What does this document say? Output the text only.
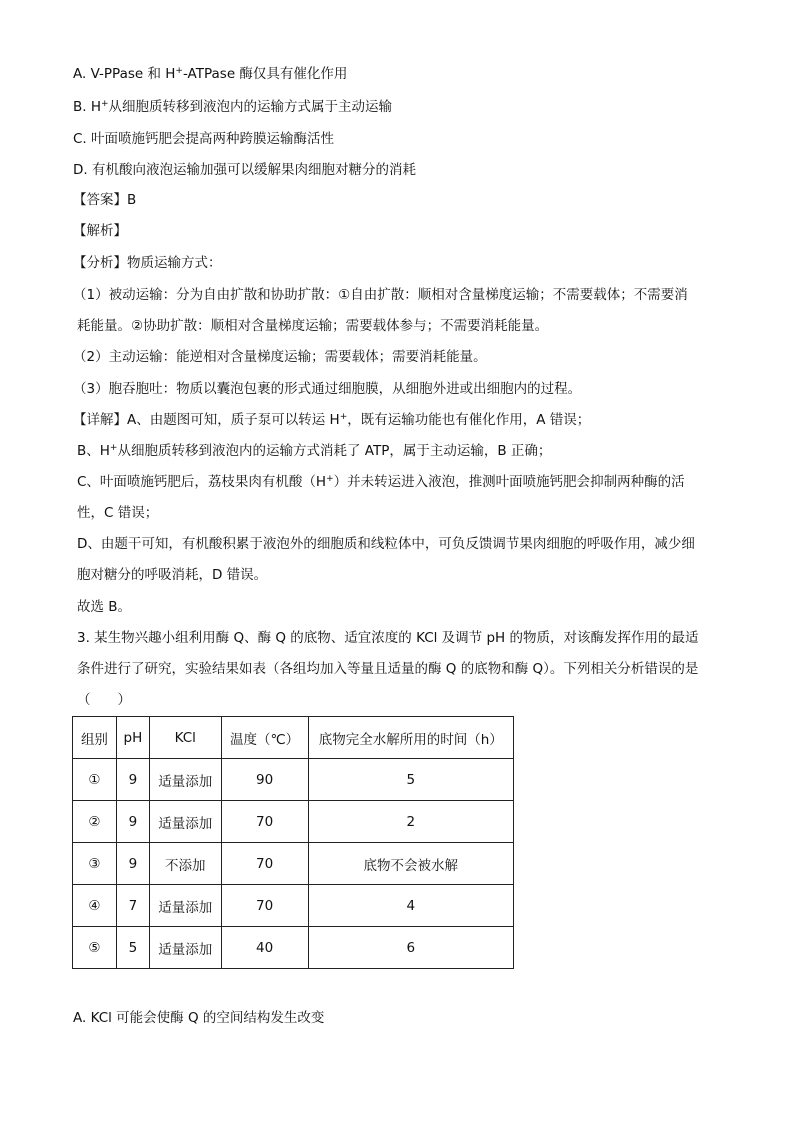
A. V-PPase 和 H+-ATPase 酶仅具有催化作用
B. H+从细胞质转移到液泡内的运输方式属于主动运输
C. 叶面喷施钙肥会提高两种跨膜运输酶活性
D. 有机酸向液泡运输加强可以缓解果肉细胞对糖分的消耗
【答案】B
【解析】
【分析】物质运输方式：
（1）被动运输：分为自由扩散和协助扩散：①自由扩散：顺相对含量梯度运输；不需要载体；不需要消
耗能量。②协助扩散：顺相对含量梯度运输；需要载体参与；不需要消耗能量。
（2）主动运输：能逆相对含量梯度运输；需要载体；需要消耗能量。
（3）胞吞胞吐：物质以囊泡包裹的形式通过细胞膜，从细胞外进或出细胞内的过程。
【详解】A、由题图可知，质子泵可以转运 H+，既有运输功能也有催化作用，A 错误；
B、H+从细胞质转移到液泡内的运输方式消耗了 ATP，属于主动运输，B 正确；
C、叶面喷施钙肥后，荔枝果肉有机酸（H+）并未转运进入液泡，推测叶面喷施钙肥会抑制两种酶的活
性，C 错误；
D、由题干可知，有机酸积累于液泡外的细胞质和线粒体中，可负反馈调节果肉细胞的呼吸作用，减少细
胞对糖分的呼吸消耗，D 错误。
故选 B。
3. 某生物兴趣小组利用酶 Q、酶 Q 的底物、适宜浓度的 KCl 及调节 pH 的物质，对该酶发挥作用的最适
条件进行了研究，实验结果如表（各组均加入等量且适量的酶 Q 的底物和酶 Q）。下列相关分析错误的是
（　　）
组别	pH	KCl	温度（℃）	底物完全水解所用的时间（h）
①	9	适量添加	90	5
②	9	适量添加	70	2
③	9	不添加	70	底物不会被水解
④	7	适量添加	70	4
⑤	5	适量添加	40	6
A. KCl 可能会使酶 Q 的空间结构发生改变
